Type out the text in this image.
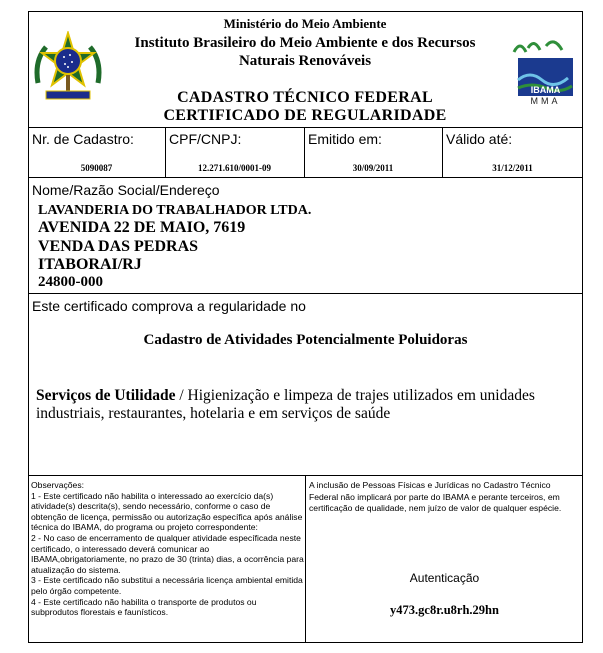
IBAMA
MMA
Ministério do Meio Ambiente
Instituto Brasileiro do Meio Ambiente e dos Recursos
Naturais Renováveis
CADASTRO TÉCNICO FEDERAL
CERTIFICADO DE REGULARIDADE
Nr. de Cadastro:
5090087
CPF/CNPJ:
12.271.610/0001-09
Emitido em:
30/09/2011
Válido até:
31/12/2011
Nome/Razão Social/Endereço
LAVANDERIA DO TRABALHADOR LTDA.
AVENIDA 22 DE MAIO, 7619
VENDA DAS PEDRAS
ITABORAI/RJ
24800-000
Este certificado comprova a regularidade no
Cadastro de Atividades Potencialmente Poluidoras
Serviços de Utilidade / Higienização e limpeza de trajes utilizados em unidades industriais, restaurantes, hotelaria e em serviços de saúde
Observações:
1 - Este certificado não habilita o interessado ao exercício da(s) atividade(s) descrita(s), sendo necessário, conforme o caso de obtenção de licença, permissão ou autorização específica após análise técnica do IBAMA, do programa ou projeto correspondente:
2 - No caso de encerramento de qualquer atividade específicada neste certificado, o interessado deverá comunicar ao IBAMA,obrigatoriamente, no prazo de 30 (trinta) dias, a ocorrência para atualização do sistema.
3 - Este certificado não substitui a necessária licença ambiental emitida pelo órgão competente.
4 - Este certificado não habilita o transporte de produtos ou subprodutos florestais e faunísticos.
A inclusão de Pessoas Físicas e Jurídicas no Cadastro Técnico Federal não implicará por parte do IBAMA e perante terceiros, em certificação de qualidade, nem juízo de valor de qualquer espécie.
Autenticação
y473.gc8r.u8rh.29hn
